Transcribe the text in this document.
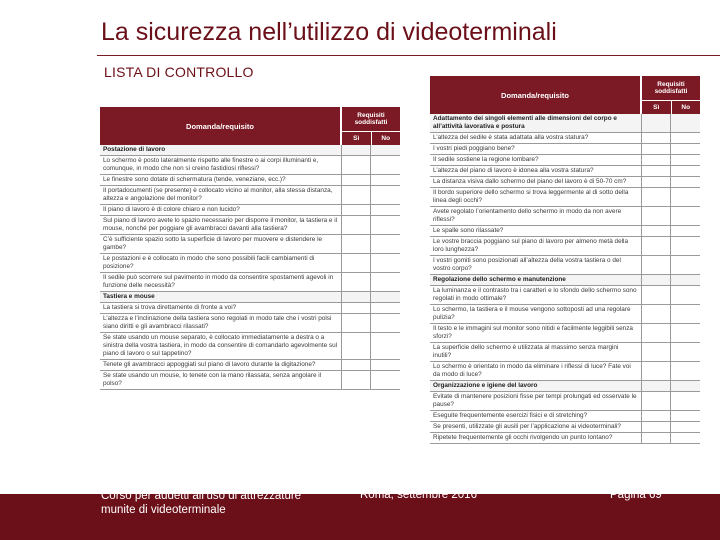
La sicurezza nell’utilizzo di videoterminali
LISTA DI CONTROLLO
Domanda/requisito
Requisiti soddisfatti
Sì	No
Postazione di lavoro
Lo schermo è posto lateralmente rispetto alle finestre o ai corpi illuminanti e, comunque, in modo che non si creino fastidiosi riflessi?
Le finestre sono dotate di schermatura (tende, veneziane, ecc.)?
Il portadocumenti (se presente) è collocato vicino al monitor, alla stessa distanza, altezza e angolazione del monitor?
Il piano di lavoro è di colore chiaro e non lucido?
Sul piano di lavoro avete lo spazio necessario per disporre il monitor, la tastiera e il mouse, nonché per poggiare gli avambracci davanti alla tastiera?
C’è sufficiente spazio sotto la superficie di lavoro per muovere e distendere le gambe?
Le postazioni e è collocato in modo che sono possibili facili cambiamenti di posizione?
Il sedile può scorrere sul pavimento in modo da consentire spostamenti agevoli in funzione delle necessità?
Tastiera e mouse
La tastiera si trova direttamente di fronte a voi?
L’altezza e l’inclinazione della tastiera sono regolati in modo tale che i vostri polsi siano diritti e gli avambracci rilassati?
Se state usando un mouse separato, è collocato immediatamente a destra o a sinistra della vostra tastiera, in modo da consentire di comandarlo agevolmente sul piano di lavoro o sul tappetino?
Tenete gli avambracci appoggiati sul piano di lavoro durante la digitazione?
Se state usando un mouse, lo tenete con la mano rilassata, senza angolare il polso?
Domanda/requisito
Requisiti soddisfatti
Sì	No
Adattamento dei singoli elementi alle dimensioni del corpo e all’attività lavorativa e postura
L’altezza del sedile è stata adattata alla vostra statura?
I vostri piedi poggiano bene?
Il sedile sostiene la regione lombare?
L’altezza del piano di lavoro è idonea alla vostra statura?
La distanza visiva dallo schermo del piano del lavoro è di 50-70 cm?
Il bordo superiore dello schermo si trova leggermente al di sotto della linea degli occhi?
Avete regolato l’orientamento dello schermo in modo da non avere riflessi?
Le spalle sono rilassate?
Le vostre braccia poggiano sul piano di lavoro per almeno metà della loro lunghezza?
I vostri gomiti sono posizionati all’altezza della vostra tastiera o del vostro corpo?
Regolazione dello schermo e manutenzione
La luminanza e il contrasto tra i caratteri e lo sfondo dello schermo sono regolati in modo ottimale?
Lo schermo, la tastiera e il mouse vengono sottoposti ad una regolare pulizia?
Il testo e le immagini sul monitor sono nitidi e facilmente leggibili senza sforzi?
La superficie dello schermo è utilizzata al massimo senza margini inutili?
Lo schermo è orientato in modo da eliminare i riflessi di luce? Fate voi da modo di luce?
Organizzazione e igiene del lavoro
Evitate di mantenere posizioni fisse per tempi prolungati ed osservate le pause?
Eseguite frequentemente esercizi fisici e di stretching?
Se presenti, utilizzate gli ausili per l’applicazione ai videoterminali?
Ripetete frequentemente gli occhi rivolgendo un punto lontano?
Corso per addetti all’uso di attrezzature
munite di videoterminale
Roma, settembre 2016	Pagina 69
